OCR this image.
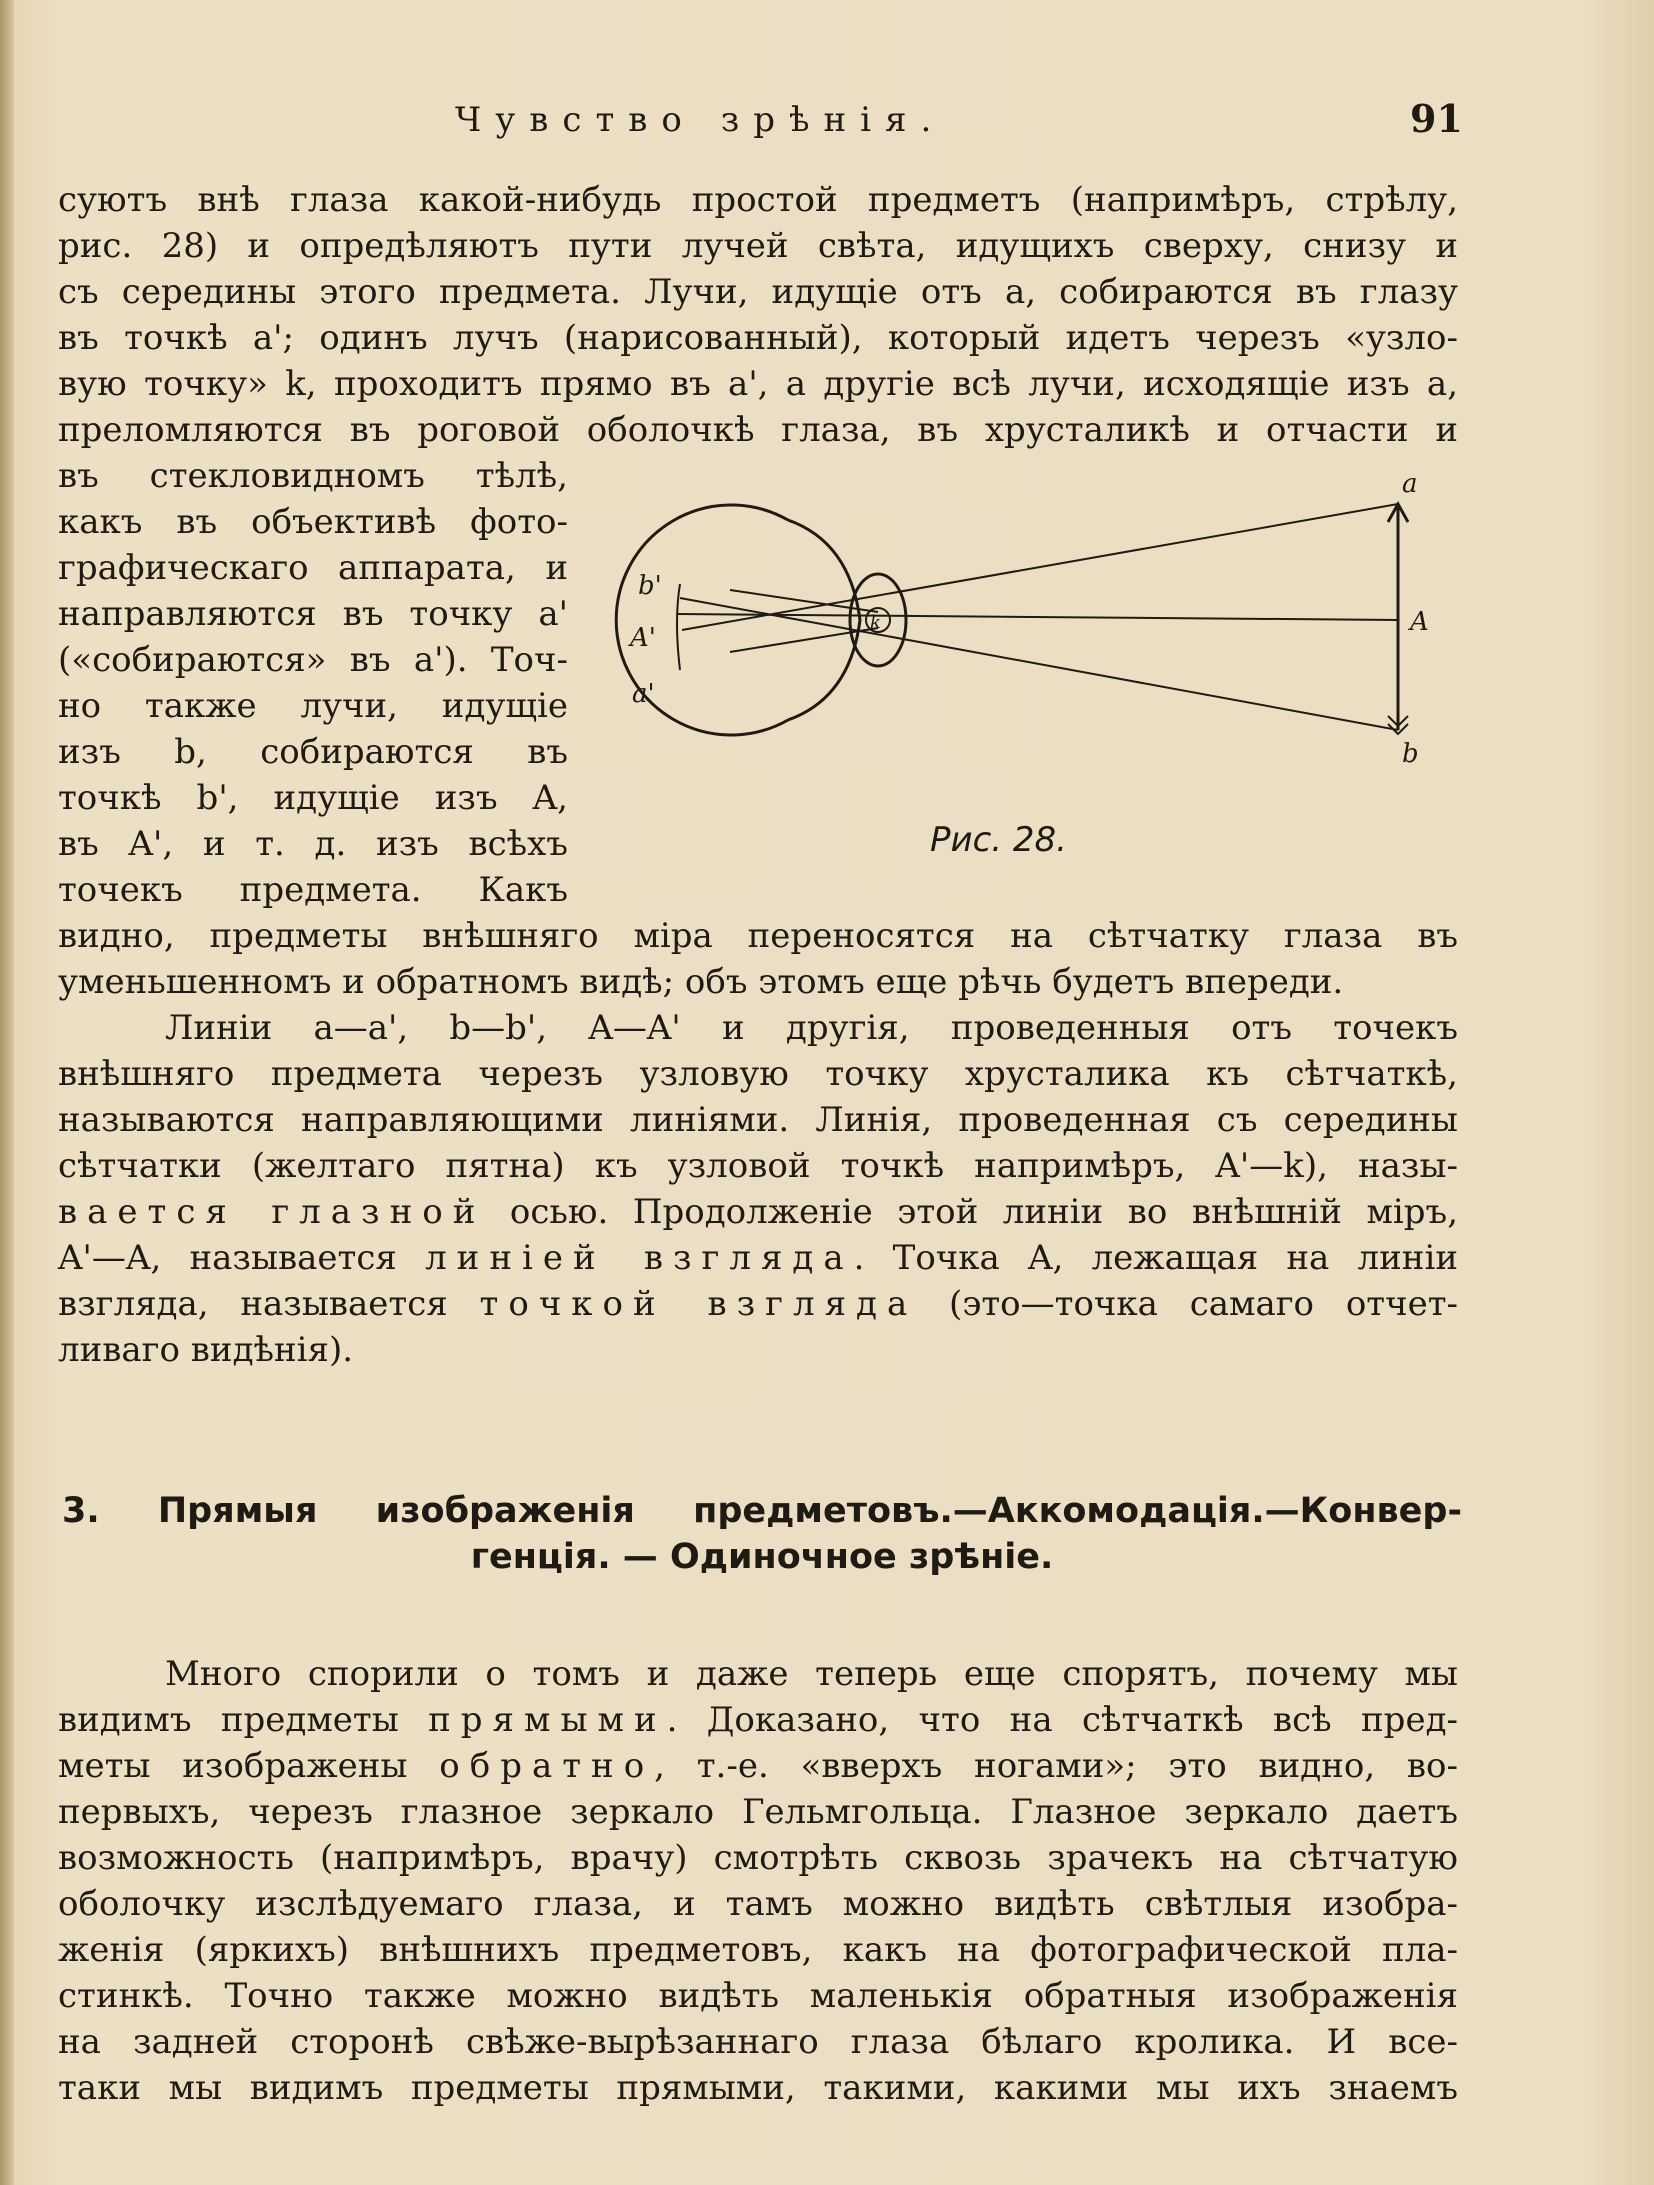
Чувство зрѣнія.	91
суютъ внѣ глаза какой-нибудь простой предметъ (напримѣръ, стрѣлу,
рис. 28) и опредѣляютъ пути лучей свѣта, идущихъ сверху, снизу и
съ середины этого предмета. Лучи, идущіе отъ a, собираются въ глазу
въ точкѣ a'; одинъ лучъ (нарисованный), который идетъ черезъ «узло-
вую точку» k, проходитъ прямо въ a', а другіе всѣ лучи, исходящіе изъ a,
преломляются въ роговой оболочкѣ глаза, въ хрусталикѣ и отчасти и
въ стекловидномъ тѣлѣ,
какъ въ объективѣ фото-
графическаго аппарата, и
направляются въ точку a'
(«собираются» въ a'). Точ-
но также лучи, идущіе
изъ b, собираются въ
точкѣ b', идущіе изъ A,
въ A', и т. д. изъ всѣхъ
точекъ предмета. Какъ
a
A
b
b'
A'
a'
k
Рис. 28.
видно, предметы внѣшняго міра переносятся на сѣтчатку глаза въ
уменьшенномъ и обратномъ видѣ; объ этомъ еще рѣчь будетъ впереди.
Линіи a—a', b—b', A—A' и другія, проведенныя отъ точекъ
внѣшняго предмета черезъ узловую точку хрусталика къ сѣтчаткѣ,
называются направляющими линіями. Линія, проведенная съ середины
сѣтчатки (желтаго пятна) къ узловой точкѣ напримѣръ, A'—k), назы-
вается глазной осью. Продолженіе этой линіи во внѣшній міръ,
A'—A, называется линіей взгляда. Точка A, лежащая на линіи
взгляда, называется точкой взгляда (это—точка самаго отчет-
ливаго видѣнія).
3. Прямыя изображенія предметовъ.—Аккомодація.—Конвер-
генція. — Одиночное зрѣніе.
Много спорили о томъ и даже теперь еще спорятъ, почему мы
видимъ предметы прямыми. Доказано, что на сѣтчаткѣ всѣ пред-
меты изображены обратно, т.-е. «вверхъ ногами»; это видно, во-
первыхъ, черезъ глазное зеркало Гельмгольца. Глазное зеркало даетъ
возможность (напримѣръ, врачу) смотрѣть сквозь зрачекъ на сѣтчатую
оболочку изслѣдуемаго глаза, и тамъ можно видѣть свѣтлыя изобра-
женія (яркихъ) внѣшнихъ предметовъ, какъ на фотографической пла-
стинкѣ. Точно также можно видѣть маленькія обратныя изображенія
на задней сторонѣ свѣже-вырѣзаннаго глаза бѣлаго кролика. И все-
таки мы видимъ предметы прямыми, такими, какими мы ихъ знаемъ
